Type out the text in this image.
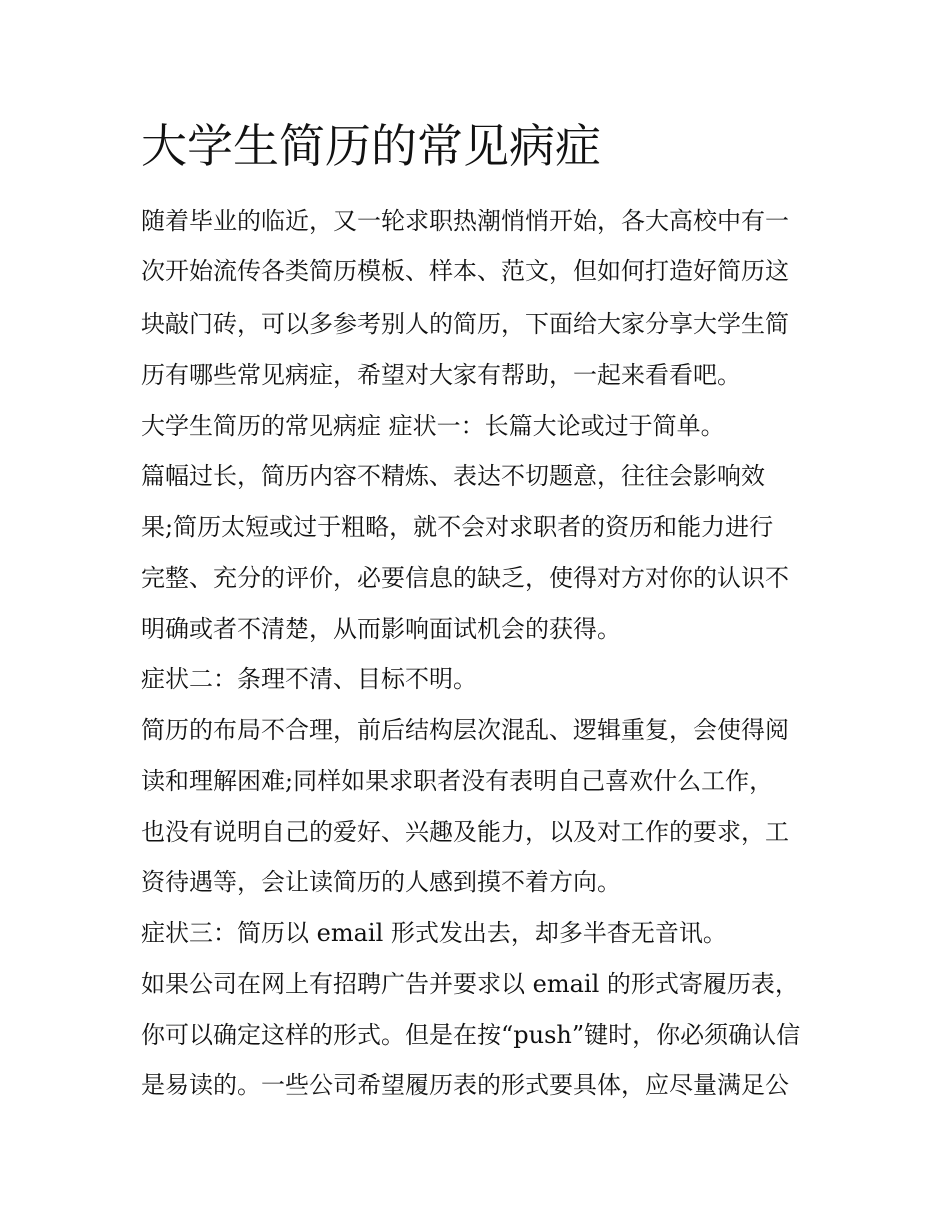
大学生简历的常见病症

随着毕业的临近，又一轮求职热潮悄悄开始，各大高校中有一

次开始流传各类简历模板、样本、范文，但如何打造好简历这

块敲门砖，可以多参考别人的简历，下面给大家分享大学生简

历有哪些常见病症，希望对大家有帮助，一起来看看吧。

大学生简历的常见病症 症状一：长篇大论或过于简单。

篇幅过长，简历内容不精炼、表达不切题意，往往会影响效

果;简历太短或过于粗略，就不会对求职者的资历和能力进行

完整、充分的评价，必要信息的缺乏，使得对方对你的认识不

明确或者不清楚，从而影响面试机会的获得。

症状二：条理不清、目标不明。

简历的布局不合理，前后结构层次混乱、逻辑重复，会使得阅

读和理解困难;同样如果求职者没有表明自己喜欢什么工作，

也没有说明自己的爱好、兴趣及能力，以及对工作的要求，工

资待遇等，会让读简历的人感到摸不着方向。

症状三：简历以 email 形式发出去，却多半杳无音讯。

如果公司在网上有招聘广告并要求以 email 的形式寄履历表，

你可以确定这样的形式。但是在按“push”键时，你必须确认信

是易读的。一些公司希望履历表的形式要具体，应尽量满足公
